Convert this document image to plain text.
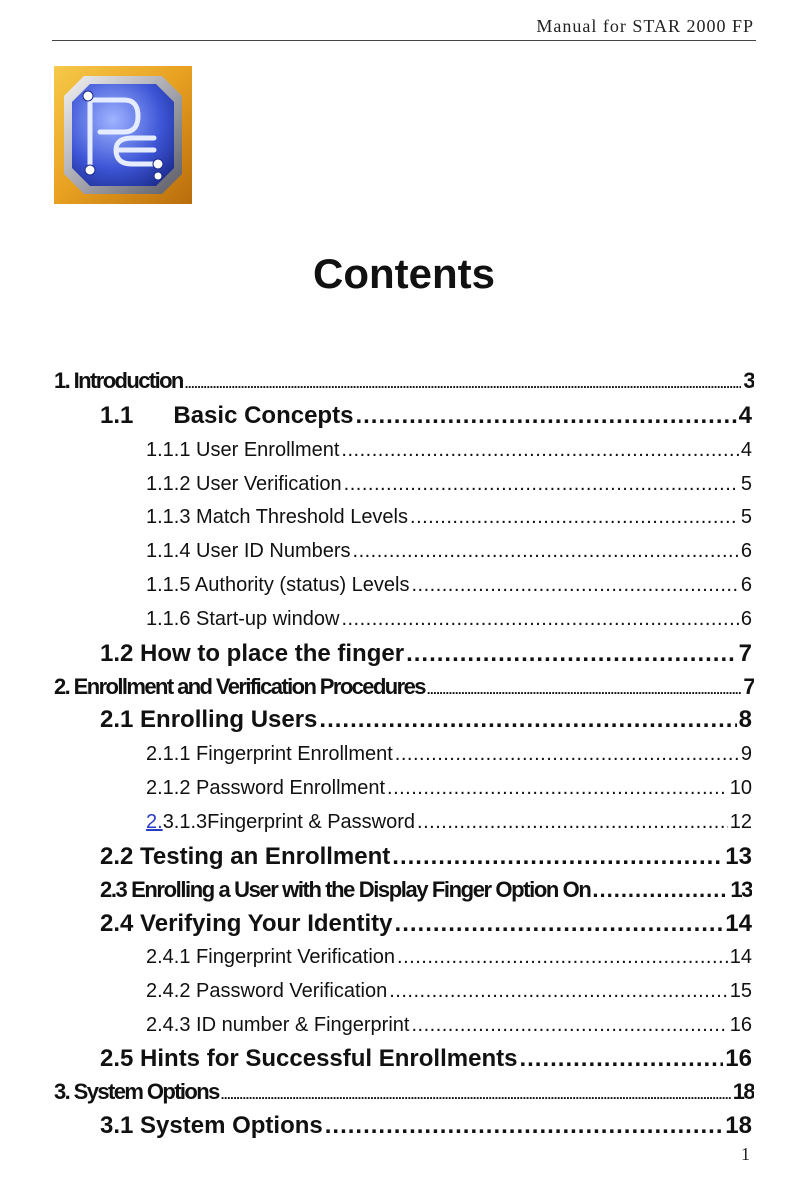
Manual for STAR 2000 FP
Contents
1. Introduction .....	3
1.1 Basic Concepts .....	4
1.1.1 User Enrollment .....	4
1.1.2 User Verification .....	5
1.1.3 Match Threshold Levels .....	5
1.1.4 User ID Numbers .....	6
1.1.5 Authority (status) Levels .....	6
1.1.6 Start-up window .....	6
1.2 How to place the finger .....	7
2. Enrollment and Verification Procedures .....	7
2.1 Enrolling Users .....	8
2.1.1 Fingerprint Enrollment .....	9
2.1.2 Password Enrollment .....	10
2.3.1.3Fingerprint & Password .....	12
2.2 Testing an Enrollment .....	13
2.3 Enrolling a User with the Display Finger Option On .....	13
2.4 Verifying Your Identity .....	14
2.4.1 Fingerprint Verification .....	14
2.4.2 Password Verification .....	15
2.4.3 ID number & Fingerprint .....	16
2.5 Hints for Successful Enrollments .....	16
3. System Options .....	18
3.1 System Options .....	18
1
